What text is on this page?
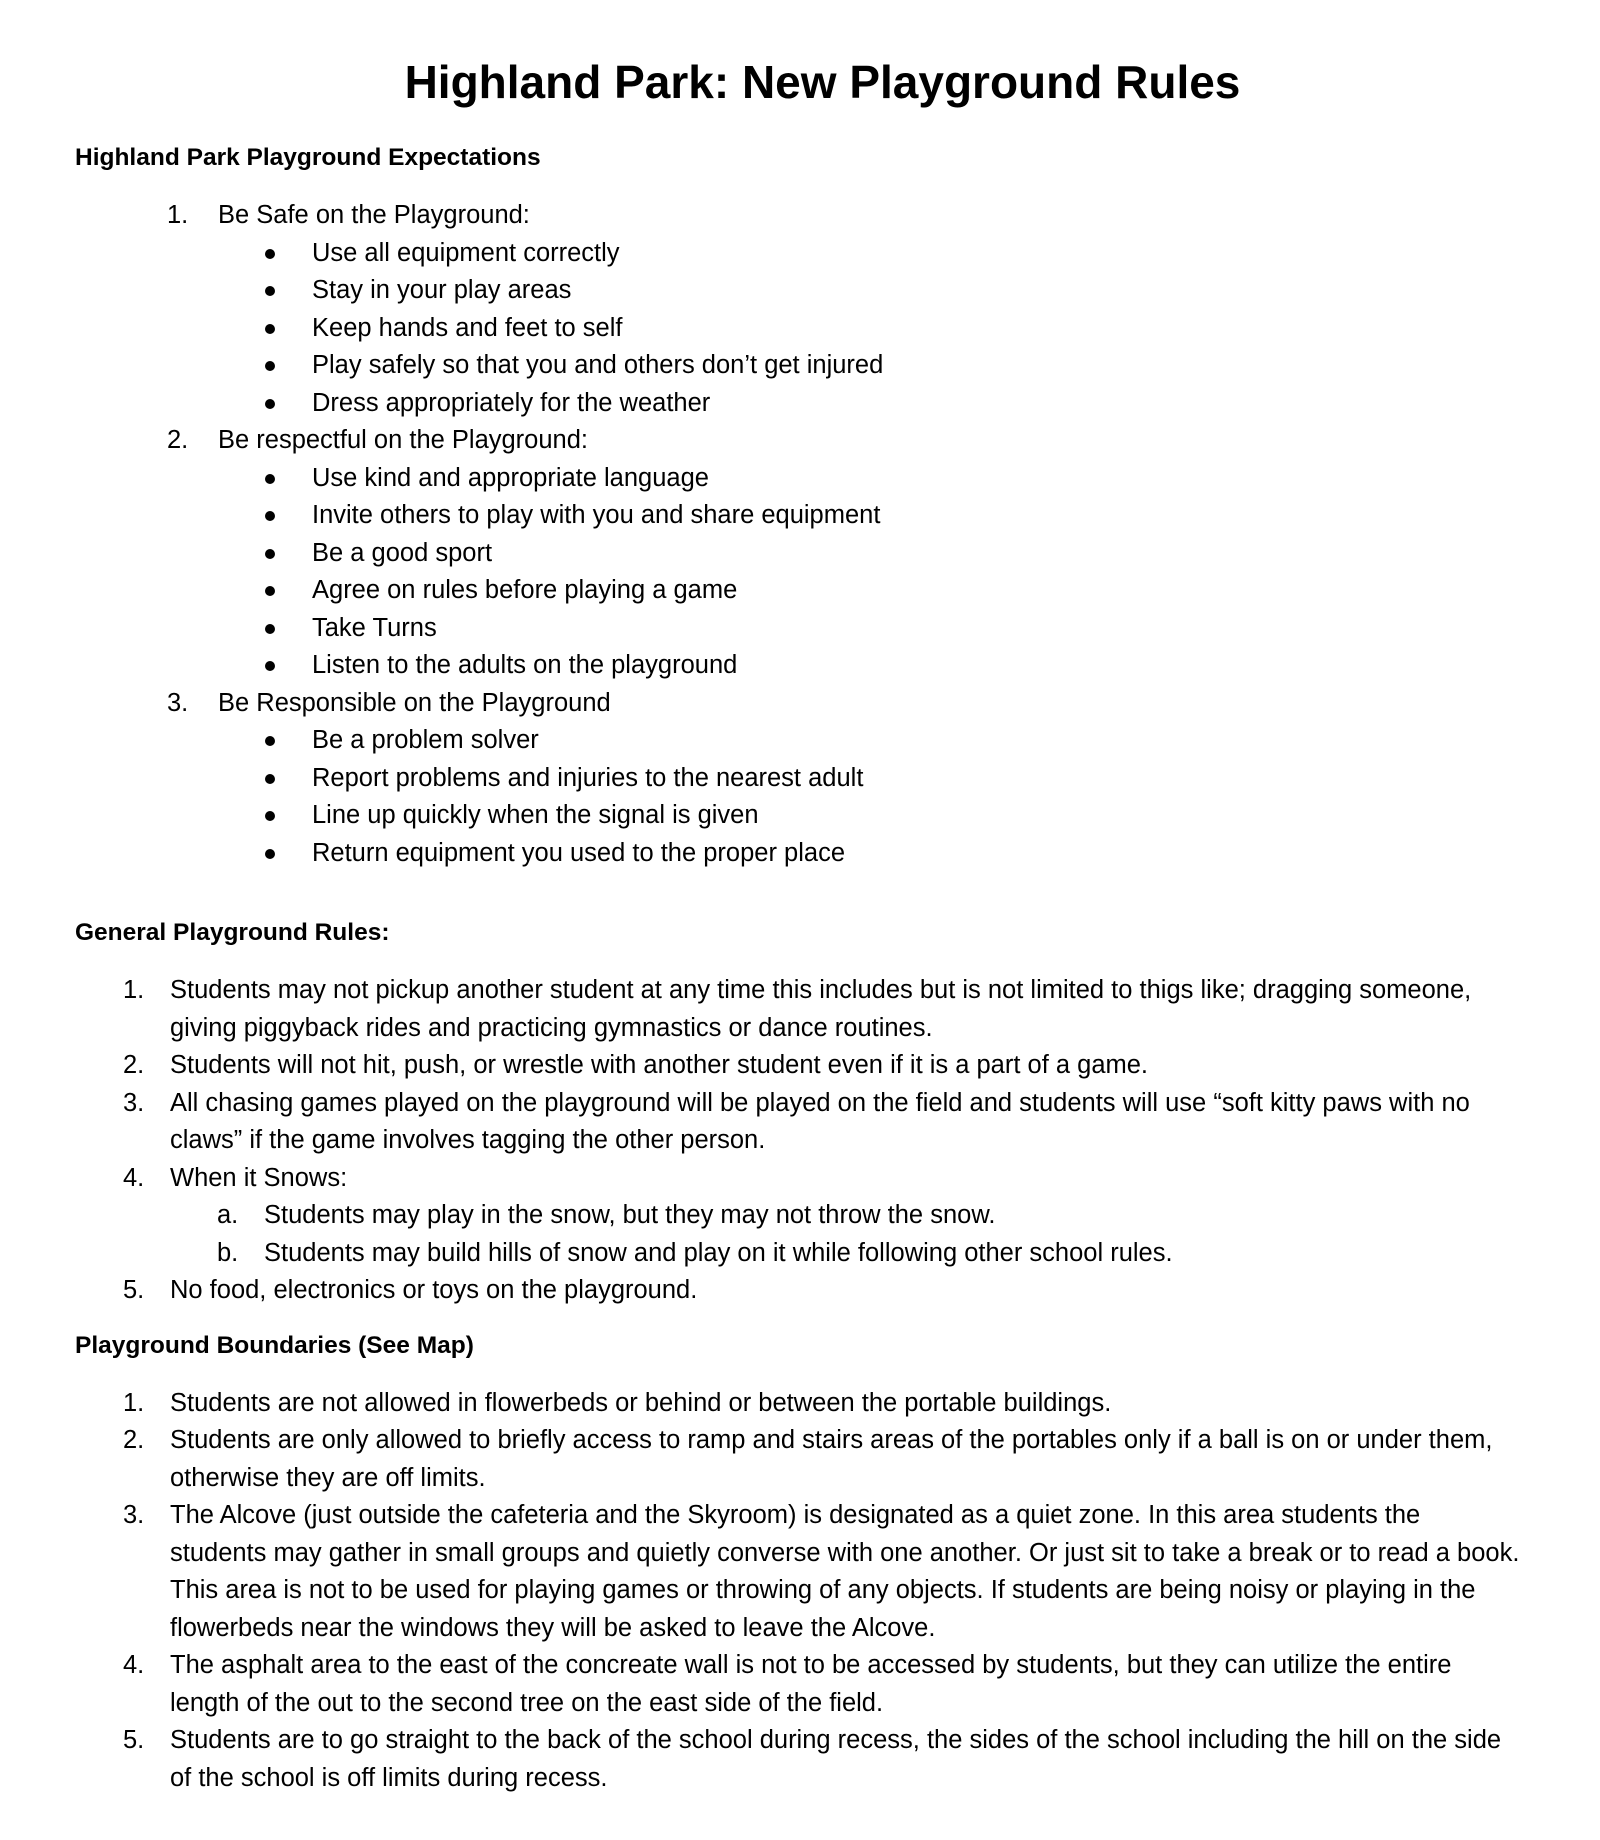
Highland Park: New Playground Rules
Highland Park Playground Expectations
1. Be Safe on the Playground:
Use all equipment correctly
Stay in your play areas
Keep hands and feet to self
Play safely so that you and others don’t get injured
Dress appropriately for the weather
2. Be respectful on the Playground:
Use kind and appropriate language
Invite others to play with you and share equipment
Be a good sport
Agree on rules before playing a game
Take Turns
Listen to the adults on the playground
3. Be Responsible on the Playground
Be a problem solver
Report problems and injuries to the nearest adult
Line up quickly when the signal is given
Return equipment you used to the proper place
General Playground Rules:
1. Students may not pickup another student at any time this includes but is not limited to thigs like; dragging someone, giving piggyback rides and practicing gymnastics or dance routines.
2. Students will not hit, push, or wrestle with another student even if it is a part of a game.
3. All chasing games played on the playground will be played on the field and students will use “soft kitty paws with no claws” if the game involves tagging the other person.
4. When it Snows:
a. Students may play in the snow, but they may not throw the snow.
b. Students may build hills of snow and play on it while following other school rules.
5. No food, electronics or toys on the playground.
Playground Boundaries (See Map)
1. Students are not allowed in flowerbeds or behind or between the portable buildings.
2. Students are only allowed to briefly access to ramp and stairs areas of the portables only if a ball is on or under them, otherwise they are off limits.
3. The Alcove (just outside the cafeteria and the Skyroom) is designated as a quiet zone. In this area students the students may gather in small groups and quietly converse with one another. Or just sit to take a break or to read a book. This area is not to be used for playing games or throwing of any objects. If students are being noisy or playing in the flowerbeds near the windows they will be asked to leave the Alcove.
4. The asphalt area to the east of the concreate wall is not to be accessed by students, but they can utilize the entire length of the out to the second tree on the east side of the field.
5. Students are to go straight to the back of the school during recess, the sides of the school including the hill on the side of the school is off limits during recess.
